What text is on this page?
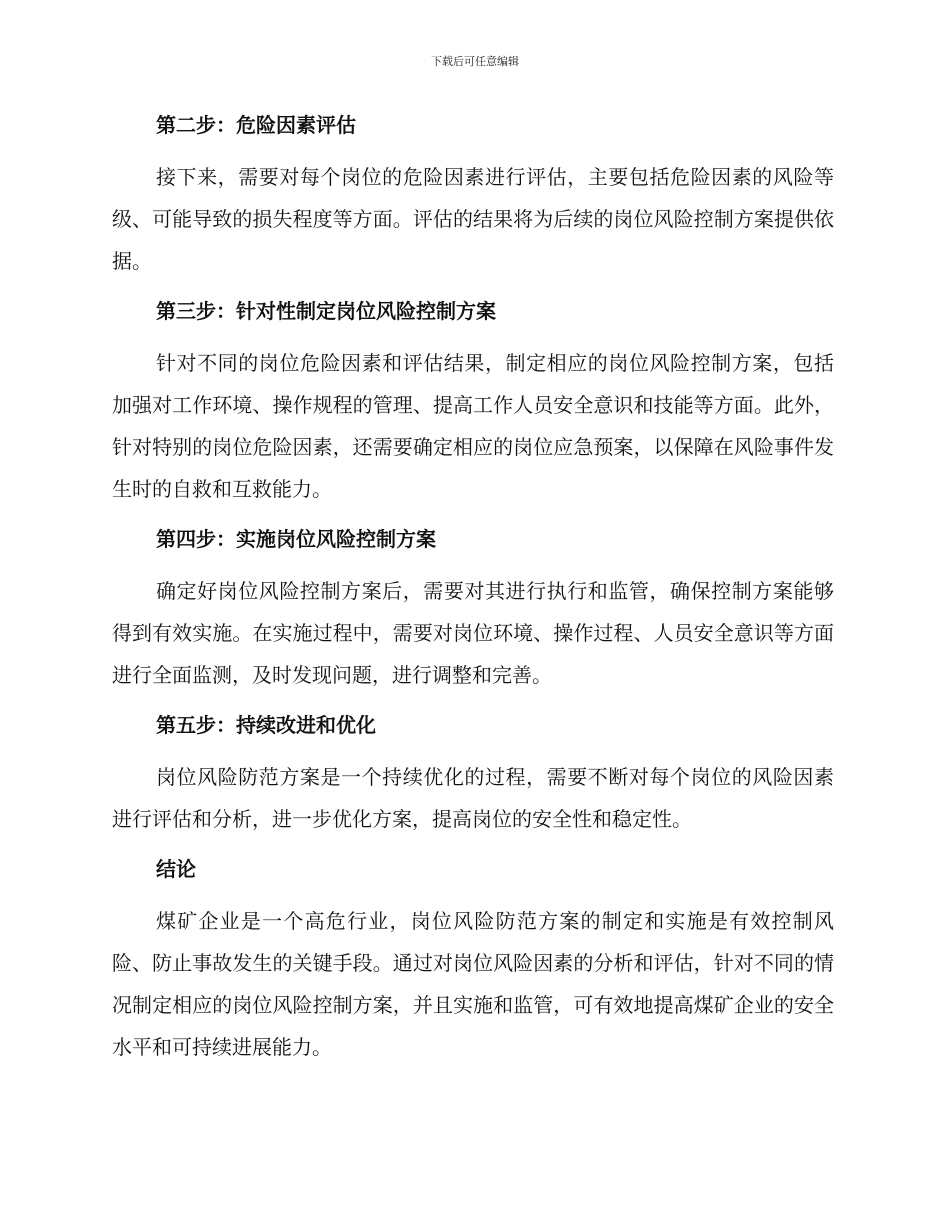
下载后可任意编辑
第二步：危险因素评估

接下来，需要对每个岗位的危险因素进行评估，主要包括危险因素的风险等级、可能导致的损失程度等方面。评估的结果将为后续的岗位风险控制方案提供依据。

第三步：针对性制定岗位风险控制方案

针对不同的岗位危险因素和评估结果，制定相应的岗位风险控制方案，包括加强对工作环境、操作规程的管理、提高工作人员安全意识和技能等方面。此外，针对特别的岗位危险因素，还需要确定相应的岗位应急预案，以保障在风险事件发生时的自救和互救能力。

第四步：实施岗位风险控制方案

确定好岗位风险控制方案后，需要对其进行执行和监管，确保控制方案能够得到有效实施。在实施过程中，需要对岗位环境、操作过程、人员安全意识等方面进行全面监测，及时发现问题，进行调整和完善。

第五步：持续改进和优化

岗位风险防范方案是一个持续优化的过程，需要不断对每个岗位的风险因素进行评估和分析，进一步优化方案，提高岗位的安全性和稳定性。

结论

煤矿企业是一个高危行业，岗位风险防范方案的制定和实施是有效控制风险、防止事故发生的关键手段。通过对岗位风险因素的分析和评估，针对不同的情况制定相应的岗位风险控制方案，并且实施和监管，可有效地提高煤矿企业的安全水平和可持续进展能力。
